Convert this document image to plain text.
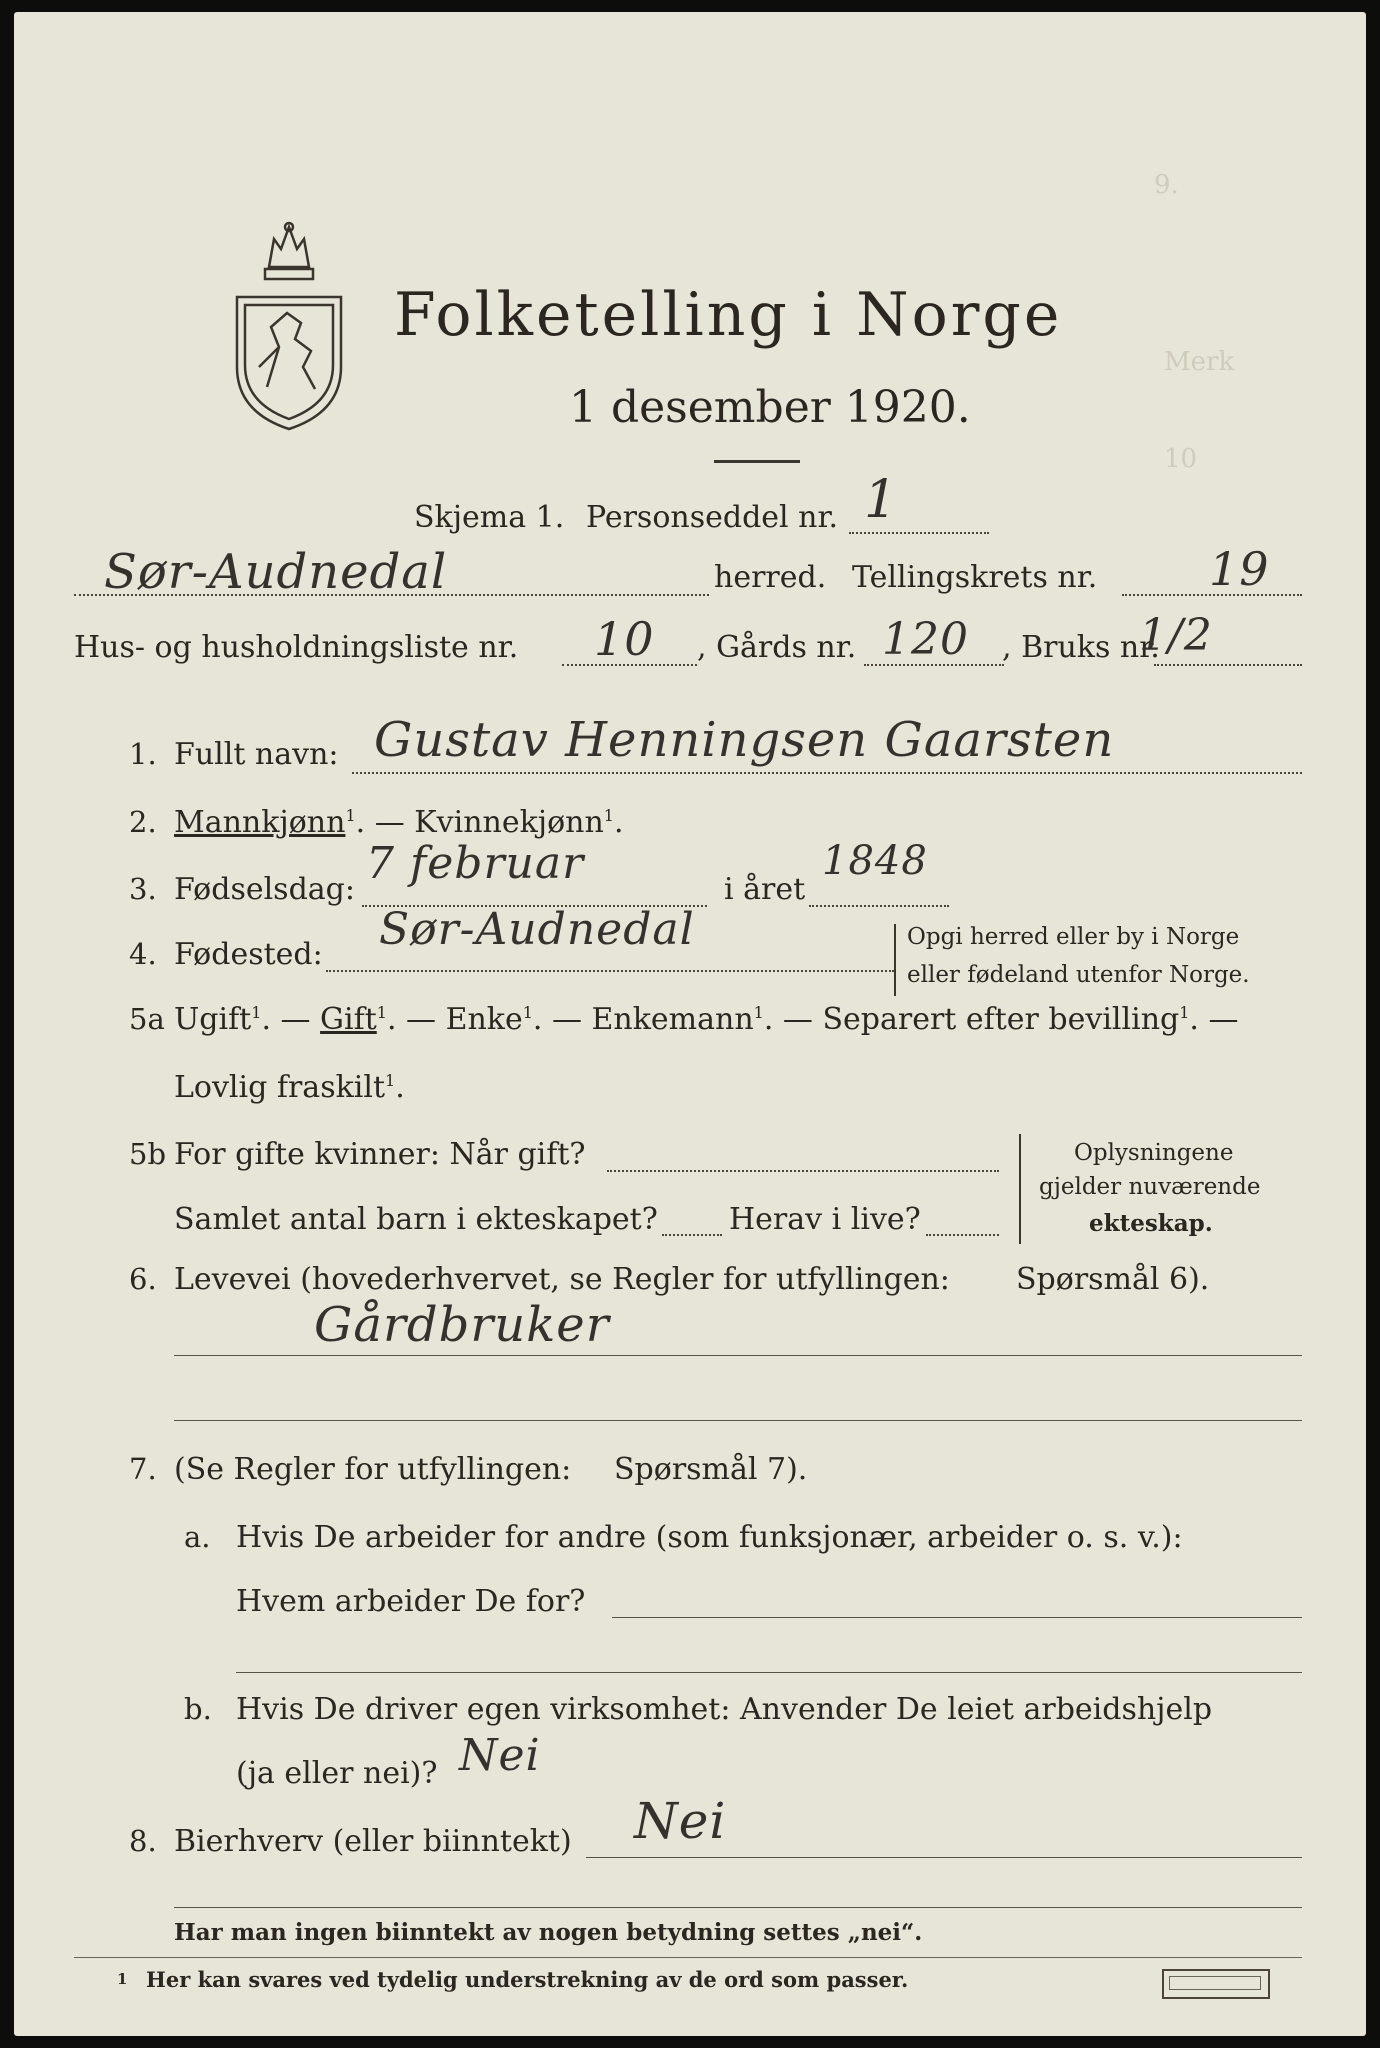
9.
Merk
10
Folketelling i Norge
1 desember 1920.
Skjema 1. Personseddel nr. 1
Sør-Audnedal	herred. Tellingskrets nr. 19
Hus- og husholdningsliste nr. 10 , Gårds nr. 120 , Bruks nr.
1/2
1. Fullt navn: Gustav Henningsen Gaarsten
2. Mannkjønn$^1$. — Kvinnekjønn$^1$.
3. Fødselsdag:
7 februar
i året
1848
4. Fødested: Sør-Audnedal	Opgi herred eller by i Norge
eller fødeland utenfor Norge.
5a Ugift$^1$. — Gift$^1$. — Enke$^1$. — Enkemann$^1$. — Separert efter bevilling$^1$. —
Lovlig fraskilt$^1$.
5b For gifte kvinner: Når gift?
Samlet antal barn i ekteskapet? Herav i live?
Oplysningene
gjelder nuværende
ekteskap.
6. Levevei (hovederhvervet, se Regler for utfyllingen: Spørsmål 6).
Gårdbruker
7. (Se Regler for utfyllingen: Spørsmål 7).
a. Hvis De arbeider for andre (som funksjonær, arbeider o. s. v.):
Hvem arbeider De for?
b. Hvis De driver egen virksomhet: Anvender De leiet arbeidshjelp
(ja eller nei)? Nei
8. Bierhverv (eller biinntekt) Nei
Har man ingen biinntekt av nogen betydning settes „nei“.
1 Her kan svares ved tydelig understrekning av de ord som passer.
